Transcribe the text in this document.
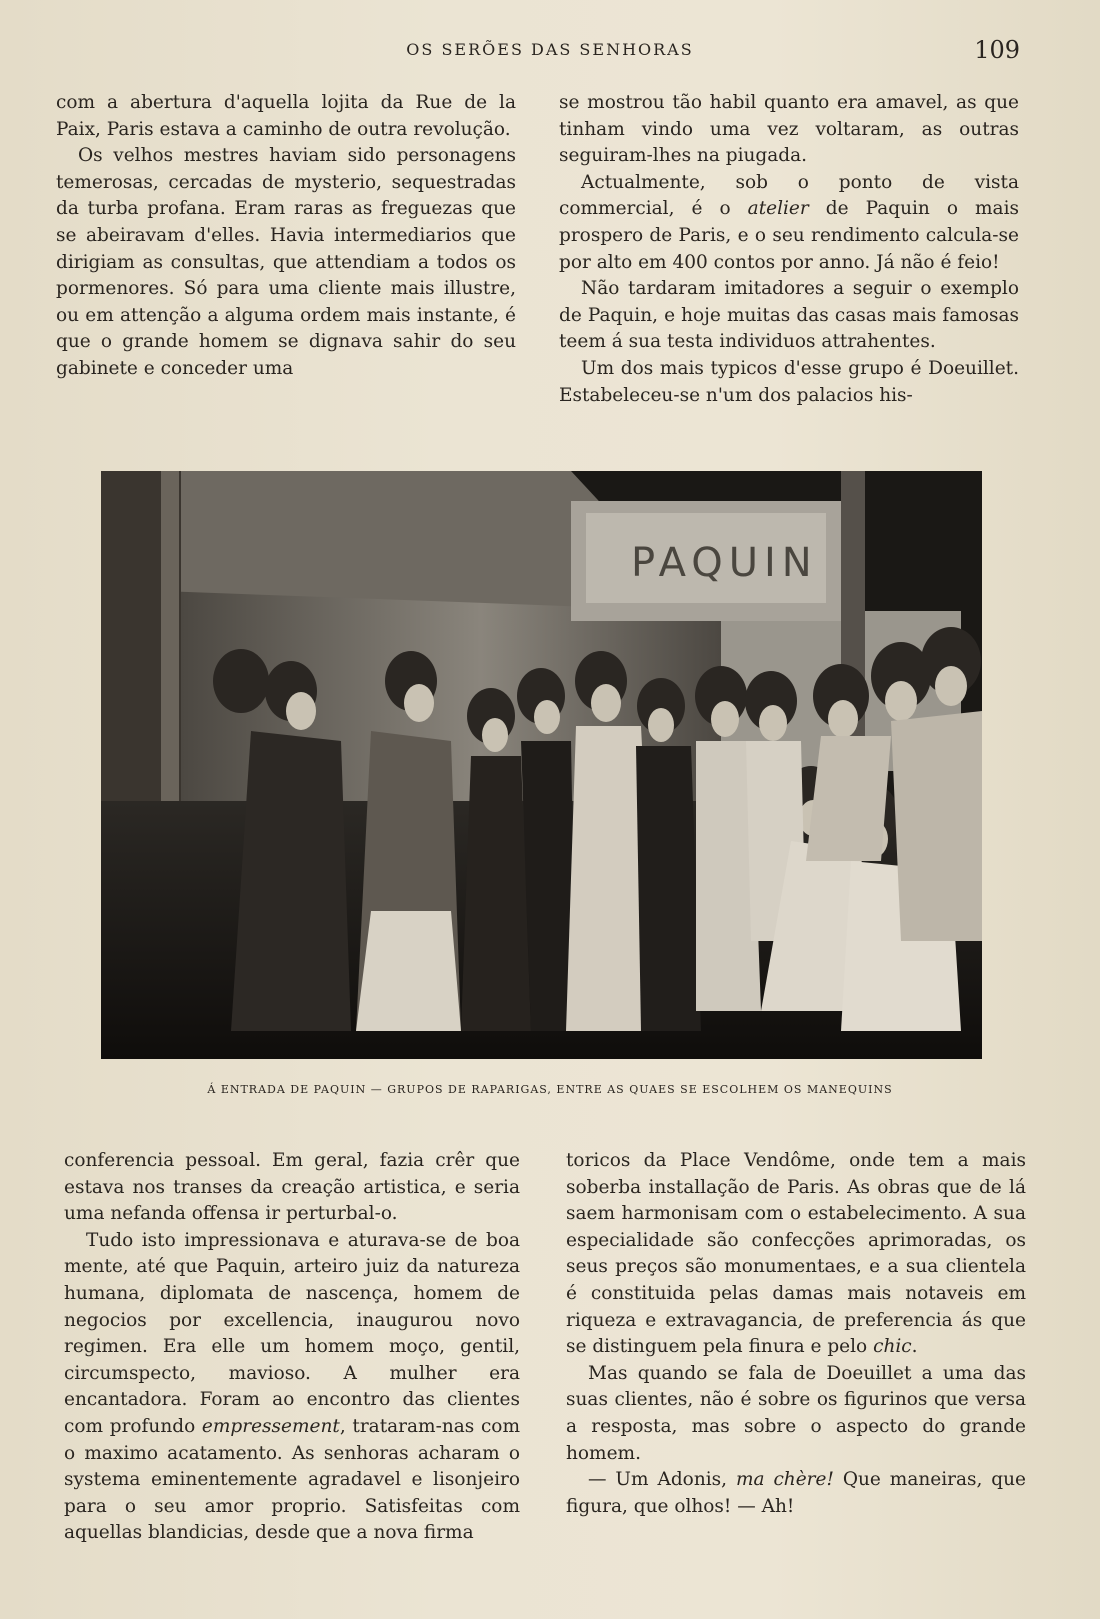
OS SERÕES DAS SENHORAS	109

com a abertura d'aquella lojita da Rue de la Paix, Paris estava a caminho de outra revolução.

Os velhos mestres haviam sido personagens temerosas, cercadas de mysterio, sequestradas da turba profana. Eram raras as freguezas que se abeiravam d'elles. Havia intermediarios que dirigiam as consultas, que attendiam a todos os pormenores. Só para uma cliente mais illustre, ou em attenção a alguma ordem mais instante, é que o grande homem se dignava sahir do seu gabinete e conceder uma

se mostrou tão habil quanto era amavel, as que tinham vindo uma vez voltaram, as outras seguiram-lhes na piugada.

Actualmente, sob o ponto de vista commercial, é o atelier de Paquin o mais prospero de Paris, e o seu rendimento calcula-se por alto em 400 contos por anno. Já não é feio!

Não tardaram imitadores a seguir o exemplo de Paquin, e hoje muitas das casas mais famosas teem á sua testa individuos attrahentes.

Um dos mais typicos d'esse grupo é Doeuillet. Estabeleceu-se n'um dos palacios his-

PAQUIN
Á ENTRADA DE PAQUIN — GRUPOS DE RAPARIGAS, ENTRE AS QUAES SE ESCOLHEM OS MANEQUINS

conferencia pessoal. Em geral, fazia crêr que estava nos transes da creação artistica, e seria uma nefanda offensa ir perturbal-o.

Tudo isto impressionava e aturava-se de boa mente, até que Paquin, arteiro juiz da natureza humana, diplomata de nascença, homem de negocios por excellencia, inaugurou novo regimen. Era elle um homem moço, gentil, circumspecto, mavioso. A mulher era encantadora. Foram ao encontro das clientes com profundo empressement, trataram-nas com o maximo acatamento. As senhoras acharam o systema eminentemente agradavel e lisonjeiro para o seu amor proprio. Satisfeitas com aquellas blandicias, desde que a nova firma

toricos da Place Vendôme, onde tem a mais soberba installação de Paris. As obras que de lá saem harmonisam com o estabelecimento. A sua especialidade são confecções aprimoradas, os seus preços são monumentaes, e a sua clientela é constituida pelas damas mais notaveis em riqueza e extravagancia, de preferencia ás que se distinguem pela finura e pelo chic.

Mas quando se fala de Doeuillet a uma das suas clientes, não é sobre os figurinos que versa a resposta, mas sobre o aspecto do grande homem.

— Um Adonis, ma chère! Que maneiras, que figura, que olhos! — Ah!
